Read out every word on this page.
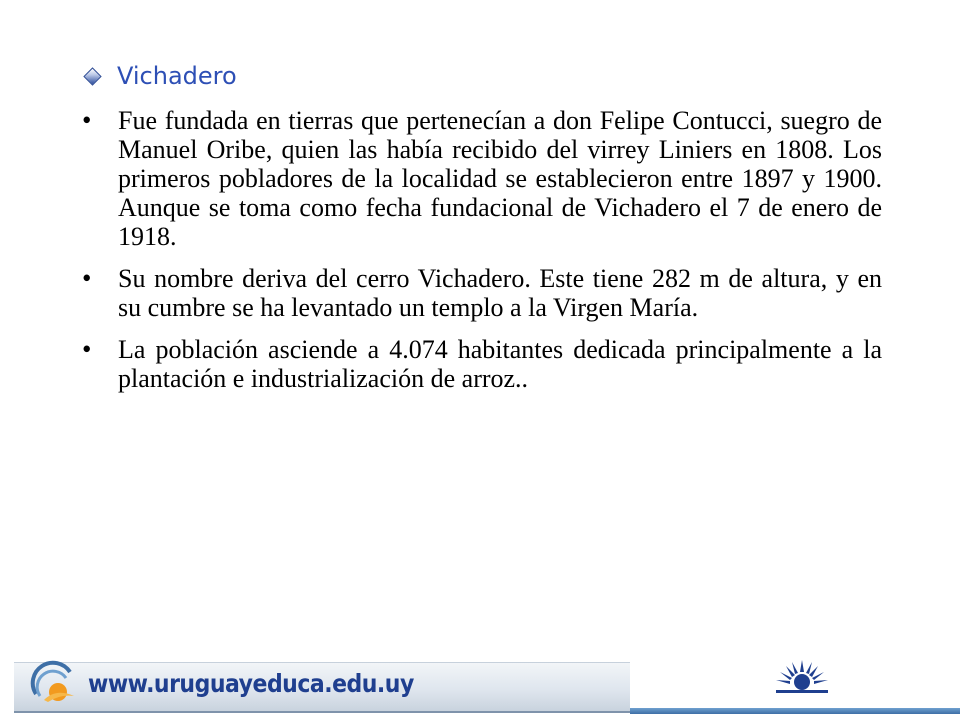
Vichadero
•	Fue fundada en tierras que pertenecían a don Felipe Contucci, suegro de Manuel Oribe, quien las había recibido del virrey Liniers en 1808. Los primeros pobladores de la localidad se establecieron entre 1897 y 1900. Aunque se toma como fecha fundacional de Vichadero el 7 de enero de 1918.
•	Su nombre deriva del cerro Vichadero. Este tiene 282 m de altura, y en su cumbre se ha levantado un templo a la Virgen María.
•	La población asciende a 4.074 habitantes dedicada principalmente a la plantación e industrialización de arroz..
www.uruguayeduca.edu.uy
ANEP
